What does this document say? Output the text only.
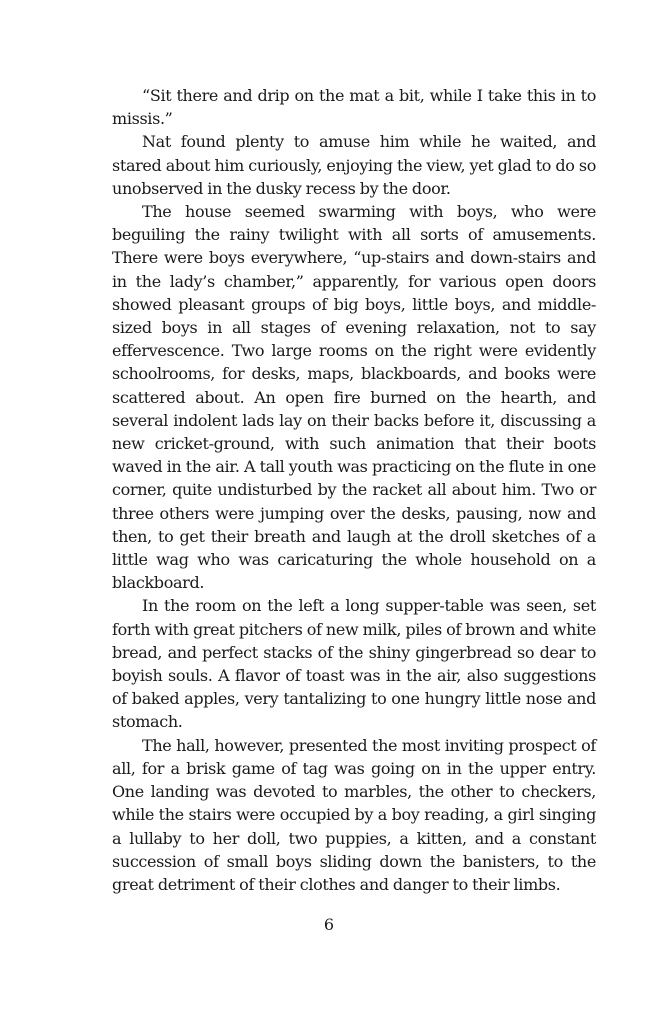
“Sit there and drip on the mat a bit, while I take this in to missis.”

Nat found plenty to amuse him while he waited, and stared about him curiously, enjoying the view, yet glad to do so unobserved in the dusky recess by the door.

The house seemed swarming with boys, who were beguiling the rainy twilight with all sorts of amusements. There were boys everywhere, “up-stairs and down-stairs and in the lady’s chamber,” apparently, for various open doors showed pleasant groups of big boys, little boys, and middle-sized boys in all stages of evening relaxation, not to say effervescence. Two large rooms on the right were evidently schoolrooms, for desks, maps, blackboards, and books were scattered about. An open fire burned on the hearth, and several indolent lads lay on their backs before it, discussing a new cricket-ground, with such animation that their boots waved in the air. A tall youth was practicing on the flute in one corner, quite undisturbed by the racket all about him. Two or three others were jumping over the desks, pausing, now and then, to get their breath and laugh at the droll sketches of a little wag who was caricaturing the whole household on a blackboard.

In the room on the left a long supper-table was seen, set forth with great pitchers of new milk, piles of brown and white bread, and perfect stacks of the shiny gingerbread so dear to boyish souls. A flavor of toast was in the air, also suggestions of baked apples, very tantalizing to one hungry little nose and stomach.

The hall, however, presented the most inviting prospect of all, for a brisk game of tag was going on in the upper entry. One landing was devoted to marbles, the other to checkers, while the stairs were occupied by a boy reading, a girl singing a lullaby to her doll, two puppies, a kitten, and a constant succession of small boys sliding down the banisters, to the great detriment of their clothes and danger to their limbs.

6
